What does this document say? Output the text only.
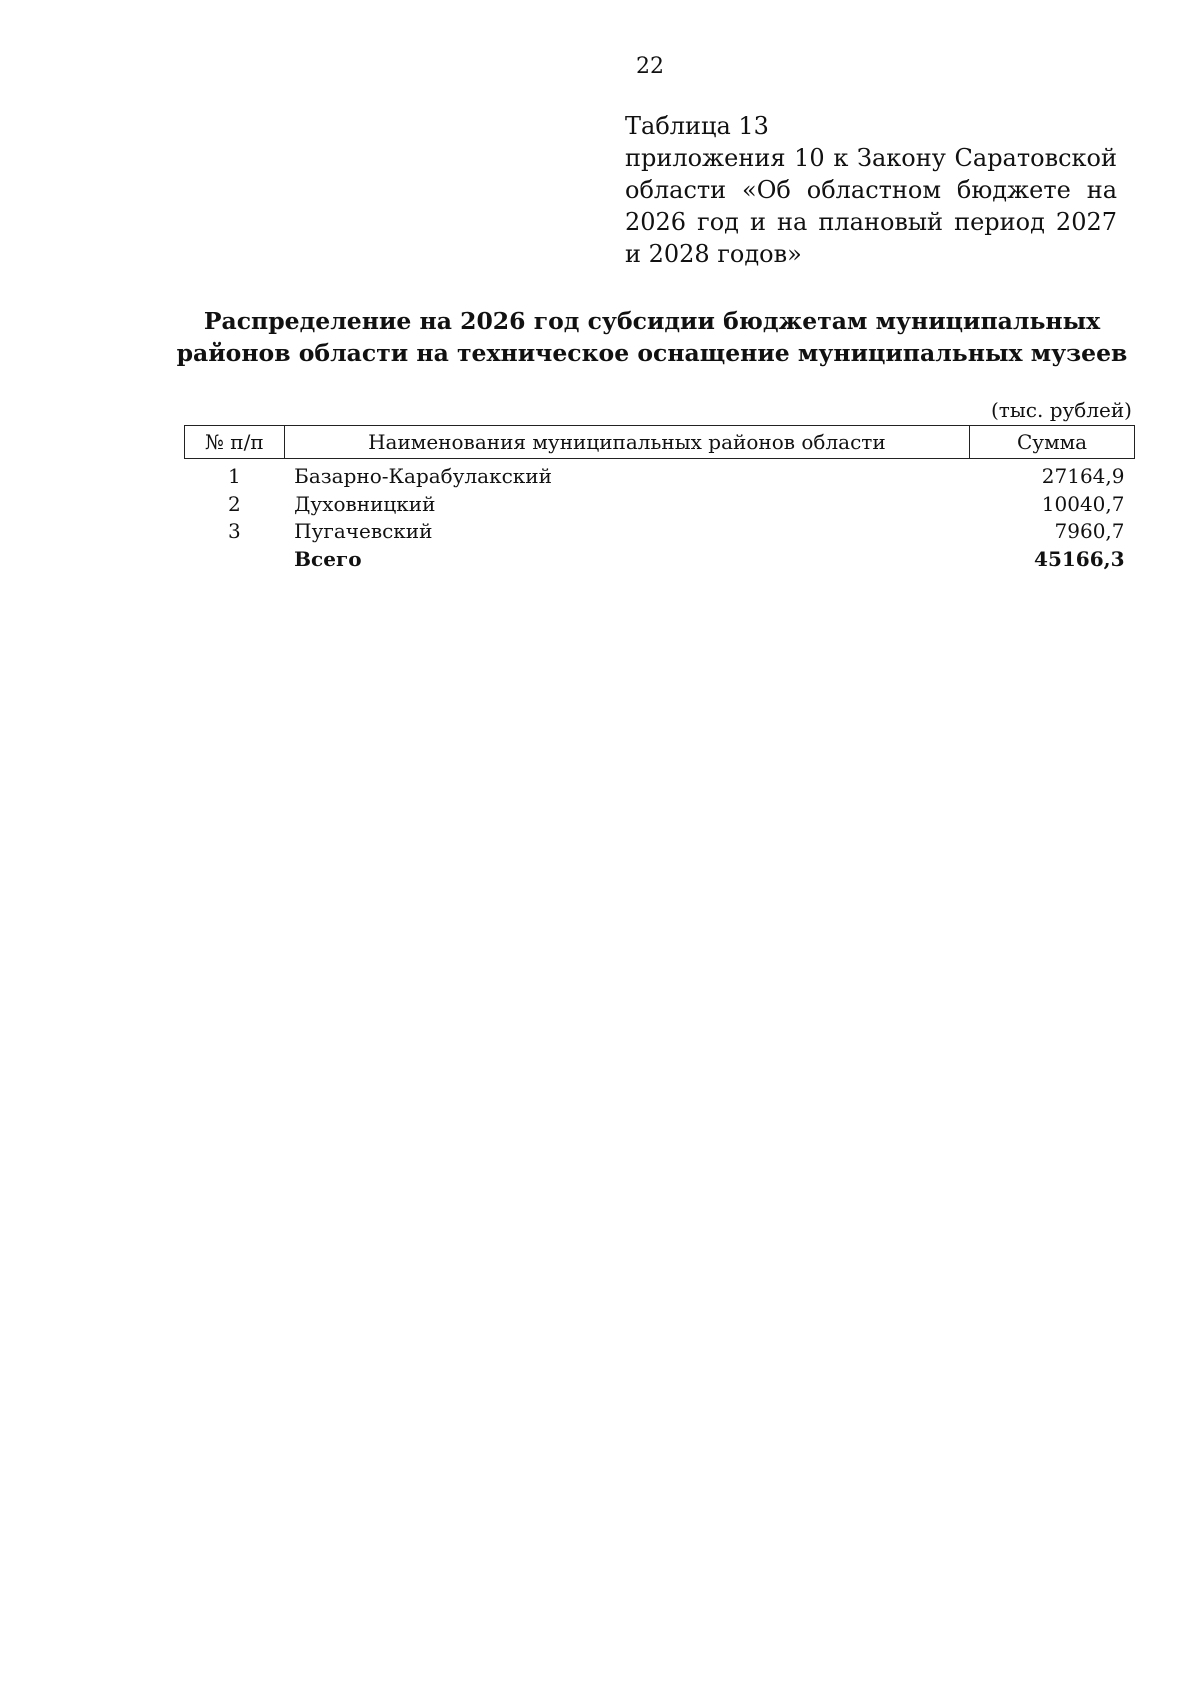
22
Таблица 13
приложения 10 к Закону Саратовской области «Об областном бюджете на 2026 год и на плановый период 2027 и 2028 годов»
Распределение на 2026 год субсидии бюджетам муниципальных
районов области на техническое оснащение муниципальных музеев
(тыс. рублей)
№ п/п	Наименования муниципальных районов области	Сумма
1	Базарно-Карабулакский	27164,9
2	Духовницкий	10040,7
3	Пугачевский	7960,7
	Всего	45166,3
